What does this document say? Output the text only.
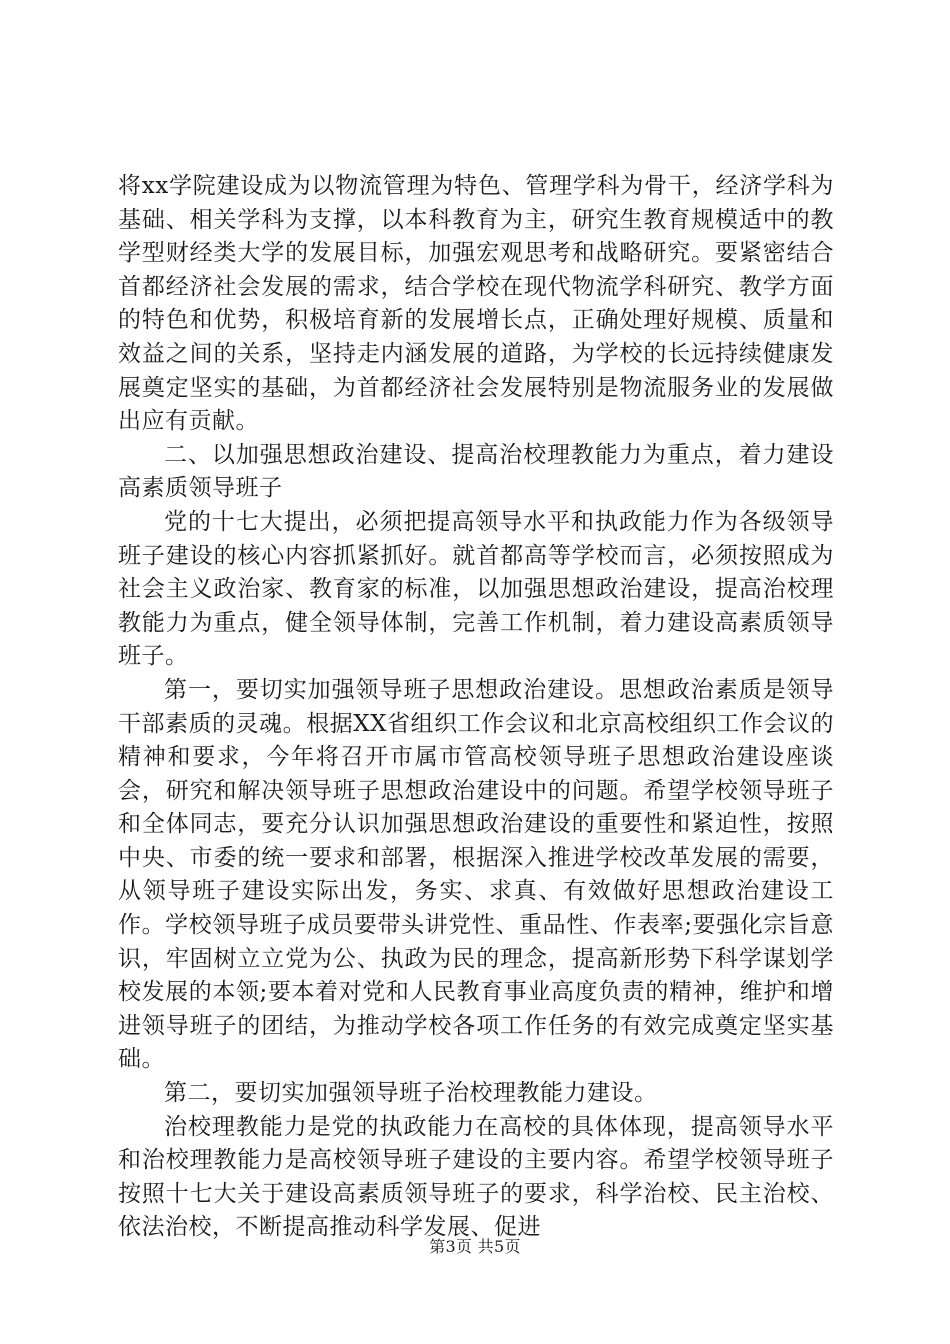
将xx学院建设成为以物流管理为特色、管理学科为骨干，经济学科为基础、相关学科为支撑，以本科教育为主，研究生教育规模适中的教学型财经类大学的发展目标，加强宏观思考和战略研究。要紧密结合首都经济社会发展的需求，结合学校在现代物流学科研究、教学方面的特色和优势，积极培育新的发展增长点，正确处理好规模、质量和效益之间的关系，坚持走内涵发展的道路，为学校的长远持续健康发展奠定坚实的基础，为首都经济社会发展特别是物流服务业的发展做出应有贡献。

二、以加强思想政治建设、提高治校理教能力为重点，着力建设高素质领导班子

党的十七大提出，必须把提高领导水平和执政能力作为各级领导班子建设的核心内容抓紧抓好。就首都高等学校而言，必须按照成为社会主义政治家、教育家的标准，以加强思想政治建设，提高治校理教能力为重点，健全领导体制，完善工作机制，着力建设高素质领导班子。

第一，要切实加强领导班子思想政治建设。思想政治素质是领导干部素质的灵魂。根据XX省组织工作会议和北京高校组织工作会议的精神和要求，今年将召开市属市管高校领导班子思想政治建设座谈会，研究和解决领导班子思想政治建设中的问题。希望学校领导班子和全体同志，要充分认识加强思想政治建设的重要性和紧迫性，按照中央、市委的统一要求和部署，根据深入推进学校改革发展的需要，从领导班子建设实际出发，务实、求真、有效做好思想政治建设工作。学校领导班子成员要带头讲党性、重品性、作表率;要强化宗旨意识，牢固树立立党为公、执政为民的理念，提高新形势下科学谋划学校发展的本领;要本着对党和人民教育事业高度负责的精神，维护和增进领导班子的团结，为推动学校各项工作任务的有效完成奠定坚实基础。

第二，要切实加强领导班子治校理教能力建设。

治校理教能力是党的执政能力在高校的具体体现，提高领导水平和治校理教能力是高校领导班子建设的主要内容。希望学校领导班子按照十七大关于建设高素质领导班子的要求，科学治校、民主治校、依法治校，不断提高推动科学发展、促进

第3页 共5页
